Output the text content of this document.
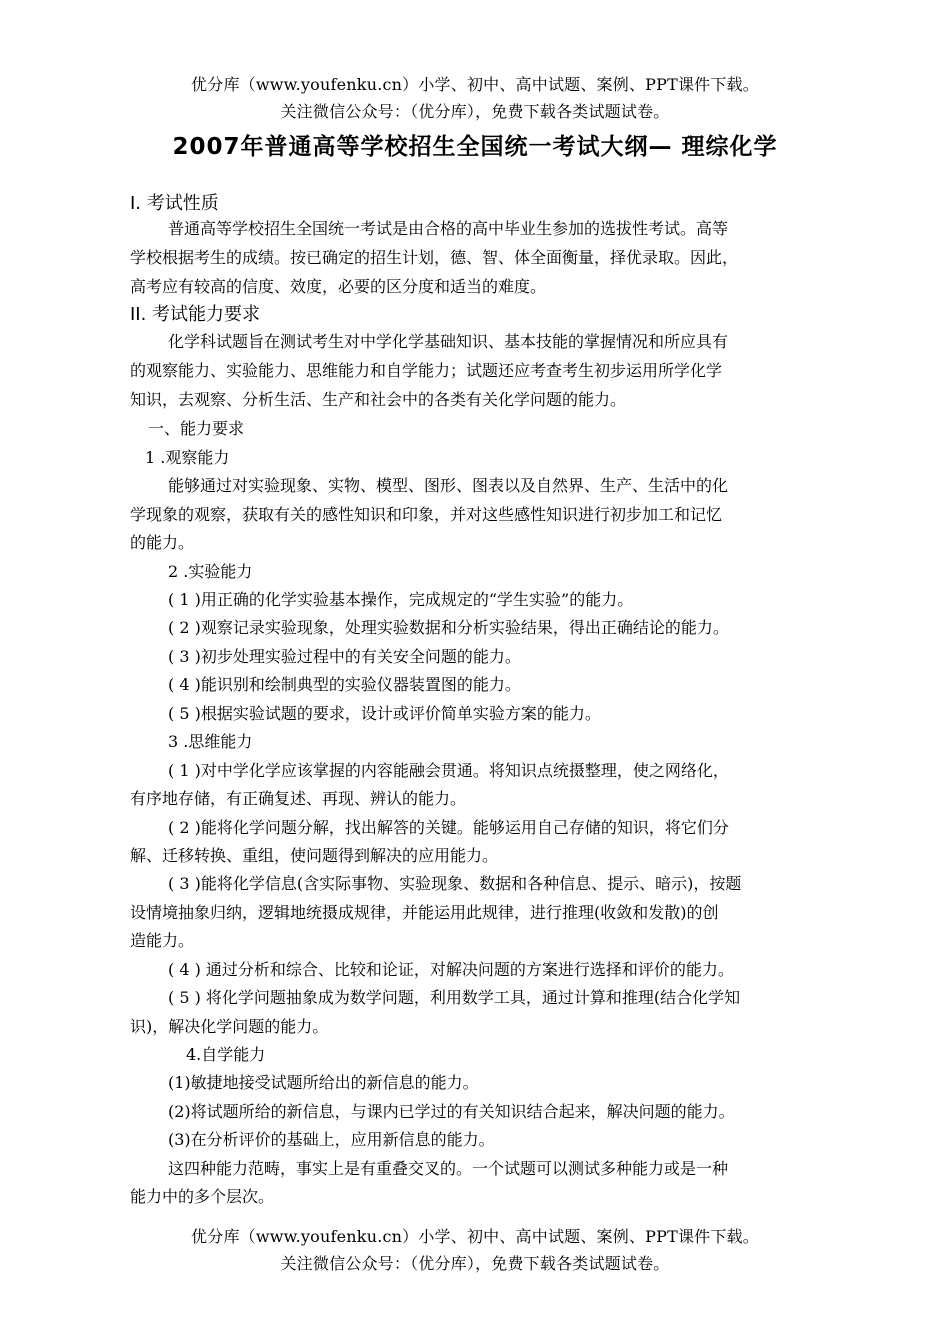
优分库（www.youfenku.cn）小学、初中、高中试题、案例、PPT课件下载。
关注微信公众号：（优分库），免费下载各类试题试卷。
2007年普通高等学校招生全国统一考试大纲— 理综化学
I. 考试性质
普通高等学校招生全国统一考试是由合格的高中毕业生参加的选拔性考试。高等
学校根据考生的成绩。按已确定的招生计划，德、智、体全面衡量，择优录取。因此，
高考应有较高的信度、效度，必要的区分度和适当的难度。
II. 考试能力要求
化学科试题旨在测试考生对中学化学基础知识、基本技能的掌握情况和所应具有
的观察能力、实验能力、思维能力和自学能力；试题还应考查考生初步运用所学化学
知识，去观察、分析生活、生产和社会中的各类有关化学问题的能力。
一、能力要求
1 .观察能力
能够通过对实验现象、实物、模型、图形、图表以及自然界、生产、生活中的化
学现象的观察，获取有关的感性知识和印象，并对这些感性知识进行初步加工和记忆
的能力。
2 .实验能力
( 1 )用正确的化学实验基本操作，完成规定的“学生实验”的能力。
( 2 )观察记录实验现象，处理实验数据和分析实验结果，得出正确结论的能力。
( 3 )初步处理实验过程中的有关安全问题的能力。
( 4 )能识别和绘制典型的实验仪器装置图的能力。
( 5 )根据实验试题的要求，设计或评价简单实验方案的能力。
3 .思维能力
( 1 )对中学化学应该掌握的内容能融会贯通。将知识点统摄整理，使之网络化，
有序地存储，有正确复述、再现、辨认的能力。
( 2 )能将化学问题分解，找出解答的关键。能够运用自己存储的知识，将它们分
解、迁移转换、重组，使问题得到解决的应用能力。
( 3 )能将化学信息(含实际事物、实验现象、数据和各种信息、提示、暗示)，按题
设情境抽象归纳，逻辑地统摄成规律，并能运用此规律，进行推理(收敛和发散)的创
造能力。
( 4 ) 通过分析和综合、比较和论证，对解决问题的方案进行选择和评价的能力。
( 5 ) 将化学问题抽象成为数学问题，利用数学工具，通过计算和推理(结合化学知
识)，解决化学问题的能力。
4.自学能力
(1)敏捷地接受试题所给出的新信息的能力。
(2)将试题所给的新信息，与课内已学过的有关知识结合起来，解决问题的能力。
(3)在分析评价的基础上，应用新信息的能力。
这四种能力范畴，事实上是有重叠交叉的。一个试题可以测试多种能力或是一种
能力中的多个层次。
优分库（www.youfenku.cn）小学、初中、高中试题、案例、PPT课件下载。
关注微信公众号：（优分库），免费下载各类试题试卷。
